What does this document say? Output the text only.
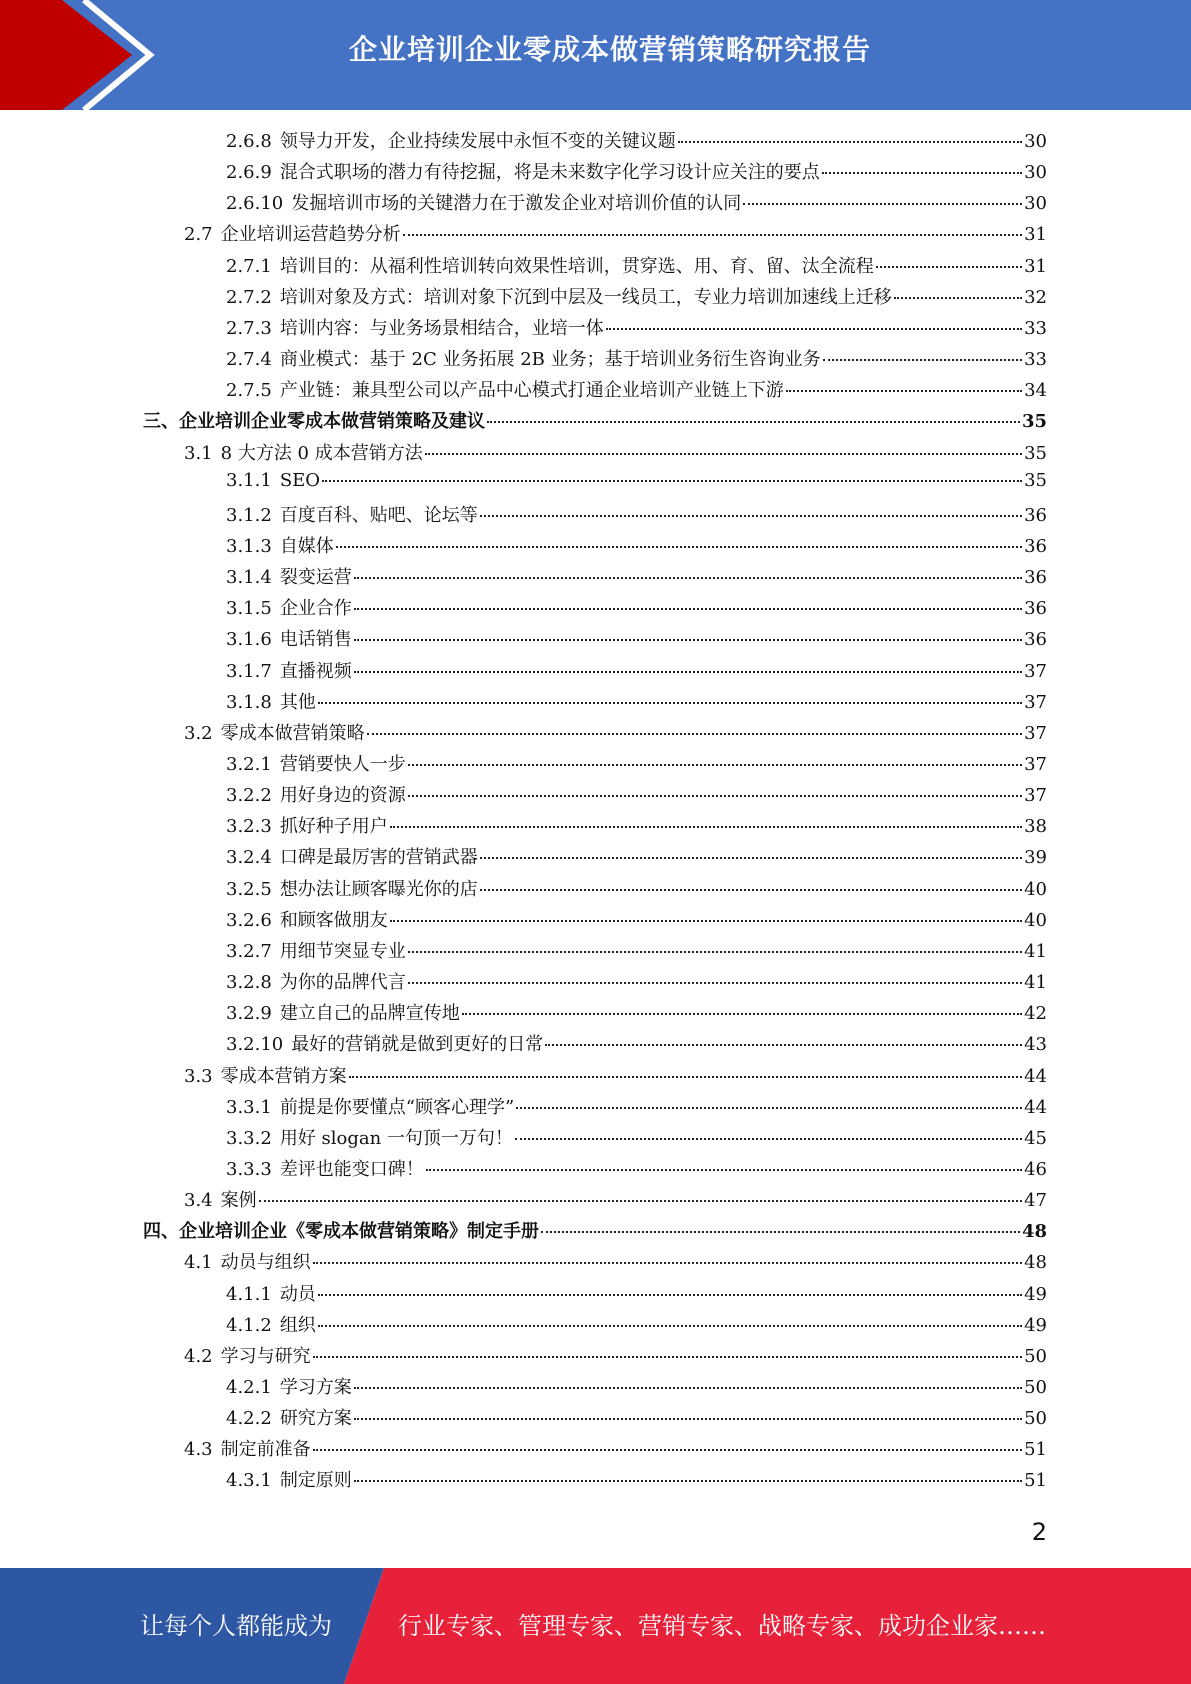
企业培训企业零成本做营销策略研究报告
2.6.8 领导力开发，企业持续发展中永恒不变的关键议题	30
2.6.9 混合式职场的潜力有待挖掘，将是未来数字化学习设计应关注的要点	30
2.6.10 发掘培训市场的关键潜力在于激发企业对培训价值的认同	30
2.7 企业培训运营趋势分析	31
2.7.1 培训目的：从福利性培训转向效果性培训，贯穿选、用、育、留、汰全流程	31
2.7.2 培训对象及方式：培训对象下沉到中层及一线员工，专业力培训加速线上迁移	32
2.7.3 培训内容：与业务场景相结合，业培一体	33
2.7.4 商业模式：基于 2C 业务拓展 2B 业务；基于培训业务衍生咨询业务	33
2.7.5 产业链：兼具型公司以产品中心模式打通企业培训产业链上下游	34
三、企业培训企业零成本做营销策略及建议	35
3.1 8 大方法 0 成本营销方法	35
3.1.1 SEO	35
3.1.2 百度百科、贴吧、论坛等	36
3.1.3 自媒体	36
3.1.4 裂变运营	36
3.1.5 企业合作	36
3.1.6 电话销售	36
3.1.7 直播视频	37
3.1.8 其他	37
3.2 零成本做营销策略	37
3.2.1 营销要快人一步	37
3.2.2 用好身边的资源	37
3.2.3 抓好种子用户	38
3.2.4 口碑是最厉害的营销武器	39
3.2.5 想办法让顾客曝光你的店	40
3.2.6 和顾客做朋友	40
3.2.7 用细节突显专业	41
3.2.8 为你的品牌代言	41
3.2.9 建立自己的品牌宣传地	42
3.2.10 最好的营销就是做到更好的日常	43
3.3 零成本营销方案	44
3.3.1 前提是你要懂点“顾客心理学”	44
3.3.2 用好 slogan 一句顶一万句！	45
3.3.3 差评也能变口碑！	46
3.4 案例	47
四、企业培训企业《零成本做营销策略》制定手册	48
4.1 动员与组织	48
4.1.1 动员	49
4.1.2 组织	49
4.2 学习与研究	50
4.2.1 学习方案	50
4.2.2 研究方案	50
4.3 制定前准备	51
4.3.1 制定原则	51
2
让每个人都能成为	行业专家、管理专家、营销专家、战略专家、成功企业家……
